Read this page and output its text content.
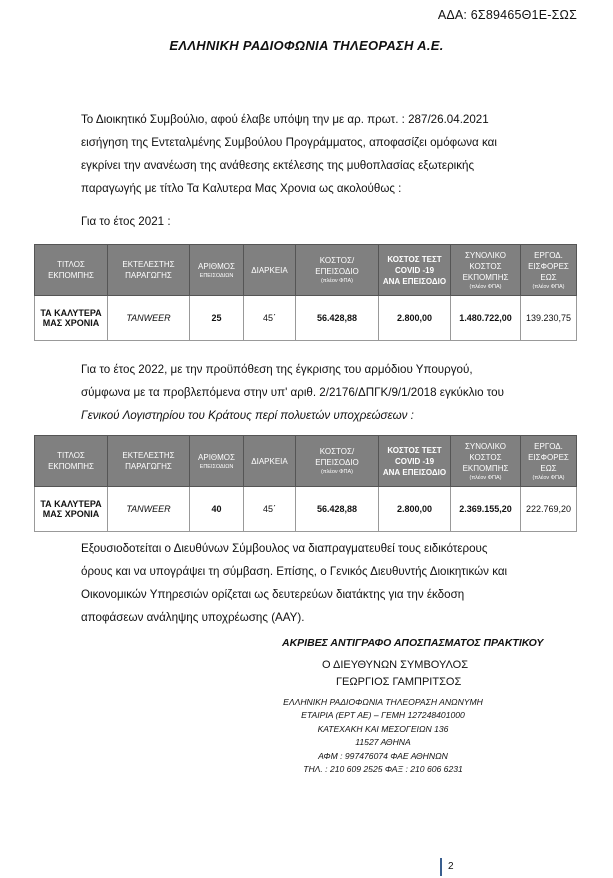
ΑΔΑ: 6Σ89465Θ1Ε-ΣΩΣ
ΕΛΛΗΝΙΚΗ ΡΑΔΙΟΦΩΝΙΑ ΤΗΛΕΟΡΑΣΗ Α.Ε.

Το Διοικητικό Συμβούλιο, αφού έλαβε υπόψη την με αρ. πρωτ. : 287/26.04.2021

εισήγηση της Εντεταλμένης Συμβούλου Προγράμματος, αποφασίζει ομόφωνα και

εγκρίνει την ανανέωση της ανάθεσης εκτέλεσης της μυθοπλασίας εξωτερικής

παραγωγής με τίτλο Τα Καλυτερα Μας Χρονια ως ακολούθως :

Για το έτος 2021 :
ΤΙΤΛΟΣ
ΕΚΠΟΜΠΗΣ	ΕΚΤΕΛΕΣΤΗΣ
ΠΑΡΑΓΩΓΗΣ	ΑΡΙΘΜΟΣ
ΕΠΕΙΣΟΔΙΩΝ	ΔΙΑΡΚΕΙΑ	ΚΟΣΤΟΣ/
ΕΠΕΙΣΟΔΙΟ
(πλέον ΦΠΑ)	ΚΟΣΤΟΣ ΤΕΣΤ
COVID -19
ΑΝΑ ΕΠΕΙΣΟΔΙΟ	ΣΥΝΟΛΙΚΟ
ΚΟΣΤΟΣ
ΕΚΠΟΜΠΗΣ
(πλέον ΦΠΑ)	ΕΡΓΟΔ.
ΕΙΣΦΟΡΕΣ
ΕΩΣ
(πλέον ΦΠΑ)

ΤΑ ΚΑΛΥΤΕΡΑ
ΜΑΣ ΧΡΟΝΙΑ	TANWEER	25	45΄	56.428,88	2.800,00	1.480.722,00	139.230,75

Για το έτος 2022, με την προϋπόθεση της έγκρισης του αρμόδιου Υπουργού,

σύμφωνα με τα προβλεπόμενα στην υπ' αριθ. 2/2176/ΔΠΓΚ/9/1/2018 εγκύκλιο του

Γενικού Λογιστηρίου του Κράτους περί πολυετών υποχρεώσεων :

ΤΙΤΛΟΣ
ΕΚΠΟΜΠΗΣ	ΕΚΤΕΛΕΣΤΗΣ
ΠΑΡΑΓΩΓΗΣ	ΑΡΙΘΜΟΣ
ΕΠΕΙΣΟΔΙΩΝ	ΔΙΑΡΚΕΙΑ	ΚΟΣΤΟΣ/
ΕΠΕΙΣΟΔΙΟ
(πλέον ΦΠΑ)	ΚΟΣΤΟΣ ΤΕΣΤ
COVID -19
ΑΝΑ ΕΠΕΙΣΟΔΙΟ	ΣΥΝΟΛΙΚΟ
ΚΟΣΤΟΣ
ΕΚΠΟΜΠΗΣ
(πλέον ΦΠΑ)	ΕΡΓΟΔ.
ΕΙΣΦΟΡΕΣ
ΕΩΣ
(πλέον ΦΠΑ)

ΤΑ ΚΑΛΥΤΕΡΑ
ΜΑΣ ΧΡΟΝΙΑ	TANWEER	40	45΄	56.428,88	2.800,00	2.369.155,20	222.769,20

Εξουσιοδοτείται ο Διευθύνων Σύμβουλος να διαπραγματευθεί τους ειδικότερους

όρους και να υπογράψει τη σύμβαση. Επίσης, ο Γενικός Διευθυντής Διοικητικών και

Οικονομικών Υπηρεσιών ορίζεται ως δευτερεύων διατάκτης για την έκδοση

αποφάσεων ανάληψης υποχρέωσης (ΑΑΥ).

ΑΚΡΙΒΕΣ ΑΝΤΙΓΡΑΦΟ ΑΠΟΣΠΑΣΜΑΤΟΣ ΠΡΑΚΤΙΚΟΥ
Ο ΔΙΕΥΘΥΝΩΝ ΣΥΜΒΟΥΛΟΣ
ΓΕΩΡΓΙΟΣ ΓΑΜΠΡΙΤΣΟΣ
ΕΛΛΗΝΙΚΗ ΡΑΔΙΟΦΩΝΙΑ ΤΗΛΕΟΡΑΣΗ ΑΝΩΝΥΜΗ
ΕΤΑΙΡΙΑ (ΕΡΤ ΑΕ) – ΓΕΜΗ 127248401000
ΚΑΤΕΧΑΚΗ ΚΑΙ ΜΕΣΟΓΕΙΩΝ 136
11527 ΑΘΗΝΑ
ΑΦΜ : 997476074 ΦΑΕ ΑΘΗΝΩΝ
ΤΗΛ. : 210 609 2525 ΦΑΞ : 210 606 6231
2
